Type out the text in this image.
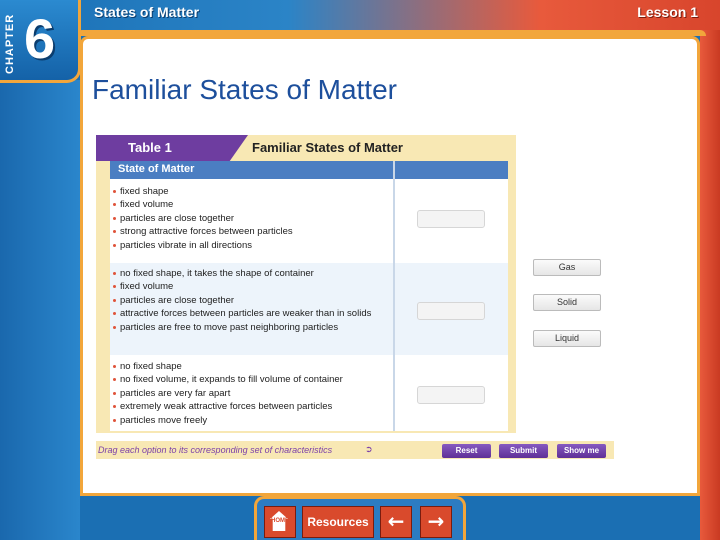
CHAPTER 6	States of Matter	Lesson 1
Familiar States of Matter
Table 1	Familiar States of Matter
State of Matter
fixed shape
fixed volume
particles are close together
strong attractive forces between particles
particles vibrate in all directions
no fixed shape, it takes the shape of container
fixed volume
particles are close together
attractive forces between particles are weaker than in solids
particles are free to move past neighboring particles
no fixed shape
no fixed volume, it expands to fill volume of container
particles are very far apart
extremely weak attractive forces between particles
particles move freely
Gas
Solid
Liquid
Drag each option to its corresponding set of characteristics	➲	Reset	Submit	Show me
HOME	Resources ←	→
